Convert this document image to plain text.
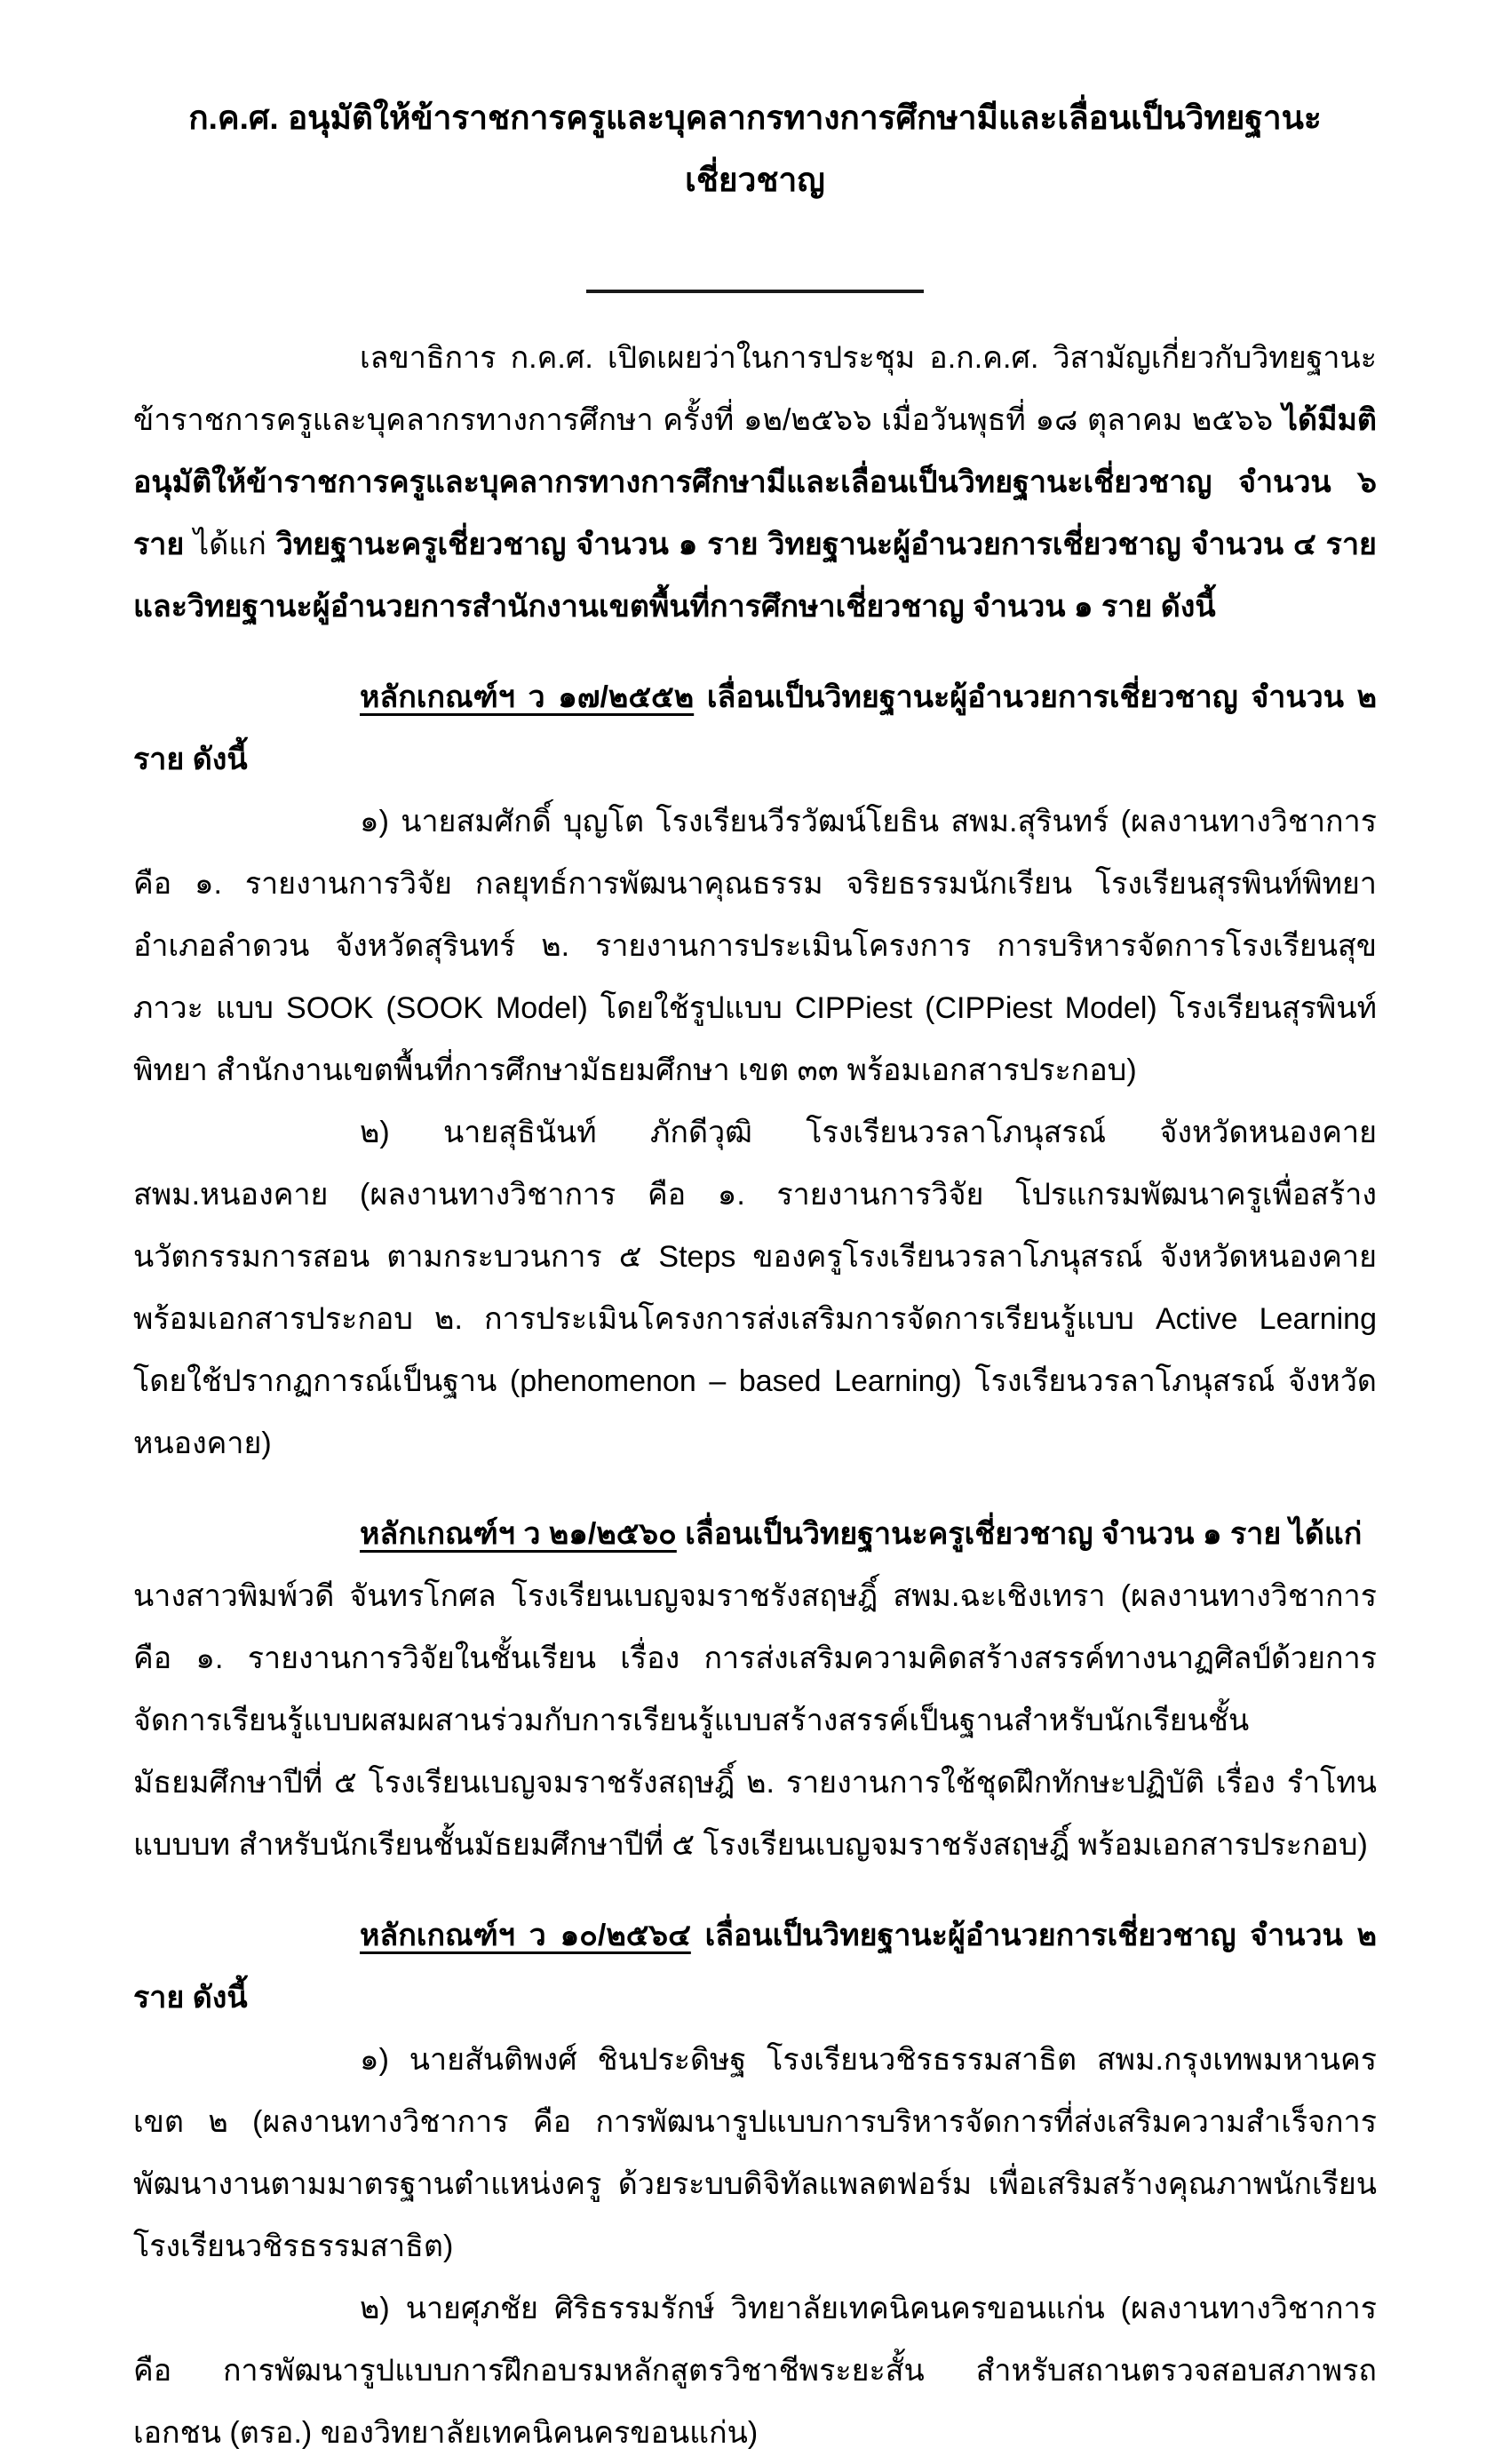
ก.ค.ศ. อนุมัติให้ข้าราชการครูและบุคลากรทางการศึกษามีและเลื่อนเป็นวิทยฐานะเชี่ยวชาญ

เลขาธิการ ก.ค.ศ. เปิดเผยว่าในการประชุม อ.ก.ค.ศ. วิสามัญเกี่ยวกับวิทยฐานะข้าราชการครูและบุคลากรทางการศึกษา ครั้งที่ ๑๒/๒๕๖๖ เมื่อวันพุธที่ ๑๘ ตุลาคม ๒๕๖๖ ได้มีมติอนุมัติให้ข้าราชการครูและบุคลากรทางการศึกษามีและเลื่อนเป็นวิทยฐานะเชี่ยวชาญ จำนวน ๖ ราย ได้แก่ วิทยฐานะครูเชี่ยวชาญ จำนวน ๑ ราย วิทยฐานะผู้อำนวยการเชี่ยวชาญ จำนวน ๔ ราย และวิทยฐานะผู้อำนวยการสำนักงานเขตพื้นที่การศึกษาเชี่ยวชาญ จำนวน ๑ ราย ดังนี้

หลักเกณฑ์ฯ ว ๑๗/๒๕๕๒ เลื่อนเป็นวิทยฐานะผู้อำนวยการเชี่ยวชาญ จำนวน ๒ ราย ดังนี้

๑) นายสมศักดิ์ บุญโต โรงเรียนวีรวัฒน์โยธิน สพม.สุรินทร์ (ผลงานทางวิชาการ คือ ๑. รายงานการวิจัย กลยุทธ์การพัฒนาคุณธรรม จริยธรรมนักเรียน โรงเรียนสุรพินท์พิทยา อำเภอลำดวน จังหวัดสุรินทร์ ๒. รายงานการประเมินโครงการ การบริหารจัดการโรงเรียนสุขภาวะ แบบ SOOK (SOOK Model) โดยใช้รูปแบบ CIPPiest (CIPPiest Model) โรงเรียนสุรพินท์พิทยา สำนักงานเขตพื้นที่การศึกษามัธยมศึกษา เขต ๓๓ พร้อมเอกสารประกอบ)

๒) นายสุธินันท์ ภักดีวุฒิ โรงเรียนวรลาโภนุสรณ์ จังหวัดหนองคาย สพม.หนองคาย (ผลงานทางวิชาการ คือ ๑. รายงานการวิจัย โปรแกรมพัฒนาครูเพื่อสร้างนวัตกรรมการสอน ตามกระบวนการ ๕ Steps ของครูโรงเรียนวรลาโภนุสรณ์ จังหวัดหนองคาย พร้อมเอกสารประกอบ ๒. การประเมินโครงการส่งเสริมการจัดการเรียนรู้แบบ Active Learning โดยใช้ปรากฏการณ์เป็นฐาน (phenomenon – based Learning) โรงเรียนวรลาโภนุสรณ์ จังหวัดหนองคาย)

หลักเกณฑ์ฯ ว ๒๑/๒๕๖๐ เลื่อนเป็นวิทยฐานะครูเชี่ยวชาญ จำนวน ๑ ราย ได้แก่

นางสาวพิมพ์วดี จันทรโกศล โรงเรียนเบญจมราชรังสฤษฎิ์ สพม.ฉะเชิงเทรา (ผลงานทางวิชาการ คือ ๑. รายงานการวิจัยในชั้นเรียน เรื่อง การส่งเสริมความคิดสร้างสรรค์ทางนาฏศิลป์ด้วยการจัดการเรียนรู้แบบผสมผสานร่วมกับการเรียนรู้แบบสร้างสรรค์เป็นฐานสำหรับนักเรียนชั้นมัธยมศึกษาปีที่ ๕ โรงเรียนเบญจมราชรังสฤษฎิ์ ๒. รายงานการใช้ชุดฝึกทักษะปฏิบัติ เรื่อง รำโทนแบบบท สำหรับนักเรียนชั้นมัธยมศึกษาปีที่ ๕ โรงเรียนเบญจมราชรังสฤษฎิ์ พร้อมเอกสารประกอบ)

หลักเกณฑ์ฯ ว ๑๐/๒๕๖๔ เลื่อนเป็นวิทยฐานะผู้อำนวยการเชี่ยวชาญ จำนวน ๒ ราย ดังนี้

๑) นายสันติพงศ์ ชินประดิษฐ โรงเรียนวชิรธรรมสาธิต สพม.กรุงเทพมหานคร เขต ๒ (ผลงานทางวิชาการ คือ การพัฒนารูปแบบการบริหารจัดการที่ส่งเสริมความสำเร็จการพัฒนางานตามมาตรฐานตำแหน่งครู ด้วยระบบดิจิทัลแพลตฟอร์ม เพื่อเสริมสร้างคุณภาพนักเรียน โรงเรียนวชิรธรรมสาธิต)

๒) นายศุภชัย ศิริธรรมรักษ์ วิทยาลัยเทคนิคนครขอนแก่น (ผลงานทางวิชาการ คือ การพัฒนารูปแบบการฝึกอบรมหลักสูตรวิชาชีพระยะสั้น สำหรับสถานตรวจสอบสภาพรถเอกชน (ตรอ.) ของวิทยาลัยเทคนิคนครขอนแก่น)
